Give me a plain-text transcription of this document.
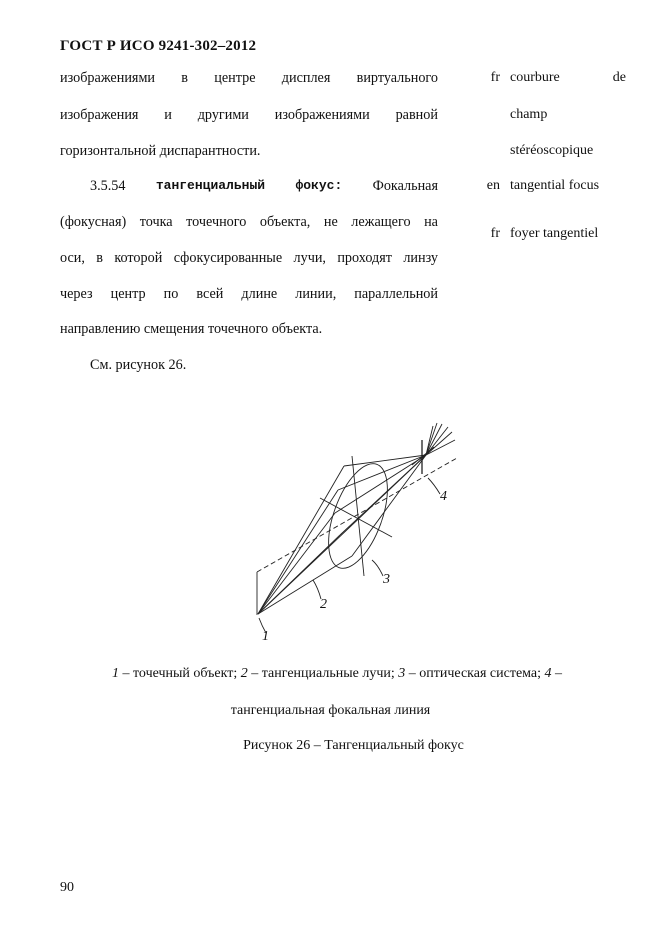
ГОСТ Р ИСО 9241-302–2012
изображениями в центре дисплея виртуального
изображения и другими изображениями равной
горизонтальной диспарантности.
3.5.54 тангенциальный фокус: Фокальная
(фокусная) точка точечного объекта, не лежащего на
оси, в которой сфокусированные лучи, проходят линзу
через центр по всей длине линии, параллельной
направлению смещения точечного объекта.
См. рисунок 26.
fr courbure	de
champ
stéréoscopique
en tangential focus
fr foyer tangentiel
1
2
3
4
1 – точечный объект; 2 – тангенциальные лучи; 3 – оптическая система; 4 –
тангенциальная фокальная линия
Рисунок 26 – Тангенциальный фокус
90
